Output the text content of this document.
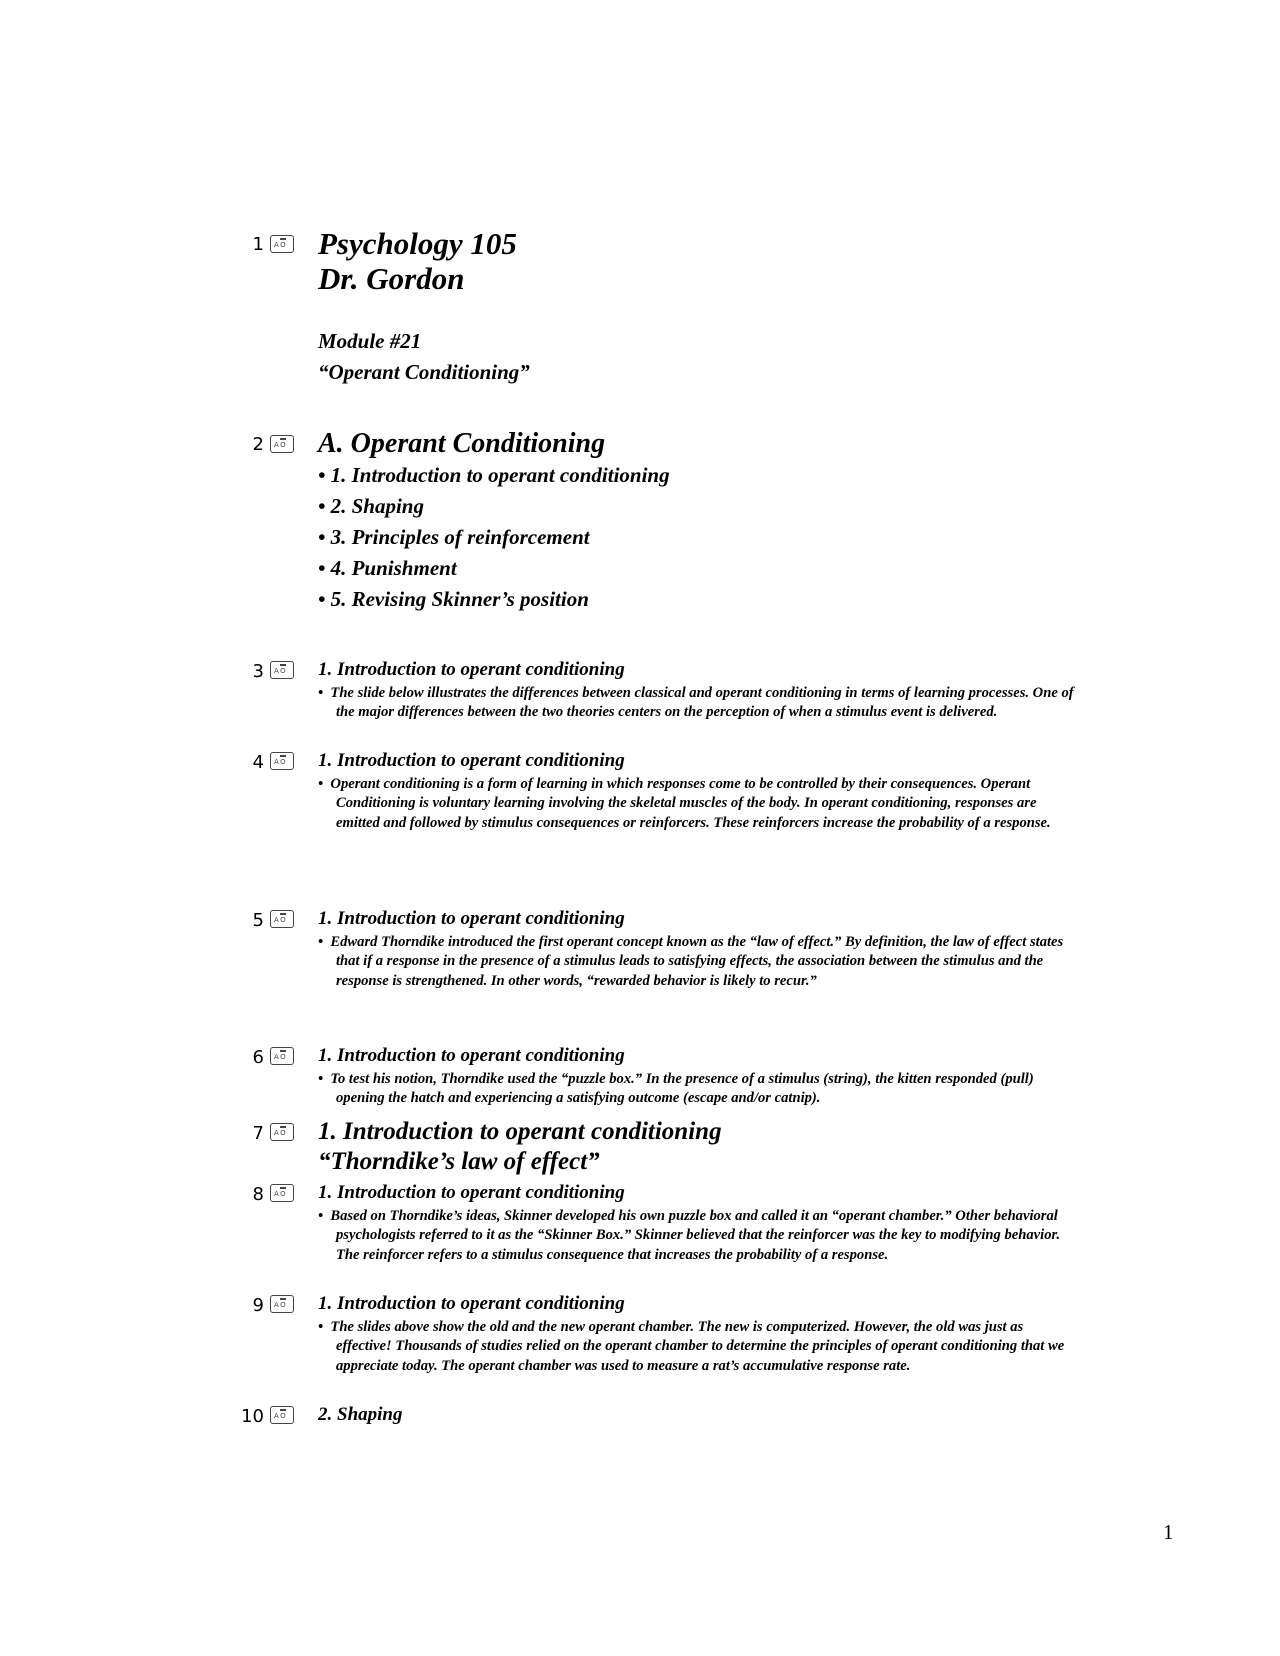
1 A O Psychology 105
Dr. Gordon
Module #21
“Operant Conditioning”
2 A O A. Operant Conditioning
• 1. Introduction to operant conditioning
• 2. Shaping
• 3. Principles of reinforcement
• 4. Punishment
• 5. Revising Skinner’s position
3 A O	1. Introduction to operant conditioning
• The slide below illustrates the differences between classical and operant conditioning in terms of learning processes. One of the major differences between the two theories centers on the perception of when a stimulus event is delivered.
4 A O	1. Introduction to operant conditioning
• Operant conditioning is a form of learning in which responses come to be controlled by their consequences. Operant Conditioning is voluntary learning involving the skeletal muscles of the body. In operant conditioning, responses are emitted and followed by stimulus consequences or reinforcers. These reinforcers increase the probability of a response.
5 A O	1. Introduction to operant conditioning
• Edward Thorndike introduced the first operant concept known as the “law of effect.” By definition, the law of effect states that if a response in the presence of a stimulus leads to satisfying effects, the association between the stimulus and the response is strengthened. In other words, “rewarded behavior is likely to recur.”
6 A O	1. Introduction to operant conditioning
• To test his notion, Thorndike used the “puzzle box.” In the presence of a stimulus (string), the kitten responded (pull) opening the hatch and experiencing a satisfying outcome (escape and/or catnip).
7 A O 1. Introduction to operant conditioning
“Thorndike’s law of effect”
8 A O	1. Introduction to operant conditioning
• Based on Thorndike’s ideas, Skinner developed his own puzzle box and called it an “operant chamber.” Other behavioral psychologists referred to it as the “Skinner Box.” Skinner believed that the reinforcer was the key to modifying behavior. The reinforcer refers to a stimulus consequence that increases the probability of a response.
9 A O	1. Introduction to operant conditioning
• The slides above show the old and the new operant chamber. The new is computerized. However, the old was just as effective! Thousands of studies relied on the operant chamber to determine the principles of operant conditioning that we appreciate today. The operant chamber was used to measure a rat’s accumulative response rate.
10 A O	2. Shaping
1
